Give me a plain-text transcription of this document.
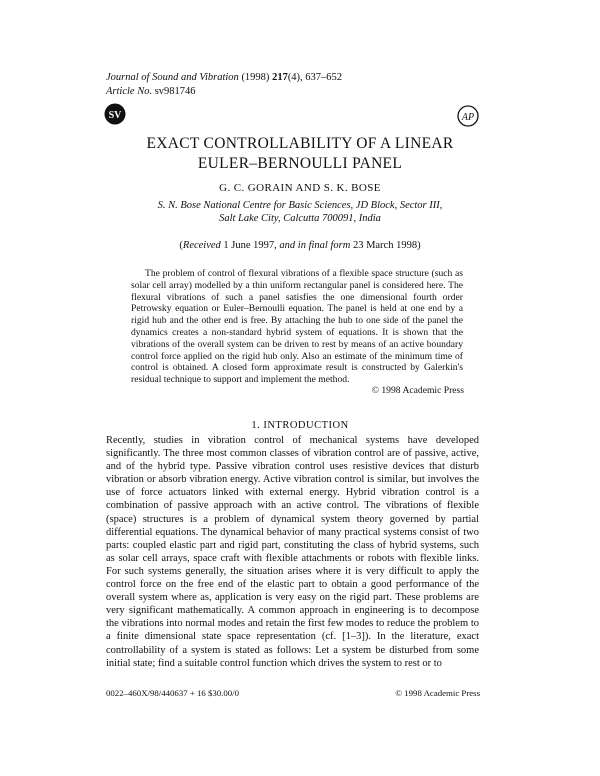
Journal of Sound and Vibration (1998) 217(4), 637–652
Article No. sv981746
SV	AP
EXACT CONTROLLABILITY OF A LINEAR
EULER–BERNOULLI PANEL
G. C. GORAIN AND S. K. BOSE
S. N. Bose National Centre for Basic Sciences, JD Block, Sector III,
Salt Lake City, Calcutta 700091, India
(Received 1 June 1997, and in final form 23 March 1998)
The problem of control of flexural vibrations of a flexible space structure (such as solar cell array) modelled by a thin uniform rectangular panel is considered here. The flexural vibrations of such a panel satisfies the one dimensional fourth order Petrowsky equation or Euler–Bernoulli equation. The panel is held at one end by a rigid hub and the other end is free. By attaching the hub to one side of the panel the dynamics creates a non-standard hybrid system of equations. It is shown that the vibrations of the overall system can be driven to rest by means of an active boundary control force applied on the rigid hub only. Also an estimate of the minimum time of control is obtained. A closed form approximate result is constructed by Galerkin's residual technique to support and implement the method.
© 1998 Academic Press
1. INTRODUCTION
Recently, studies in vibration control of mechanical systems have developed significantly. The three most common classes of vibration control are of passive, active, and of the hybrid type. Passive vibration control uses resistive devices that disturb vibration or absorb vibration energy. Active vibration control is similar, but involves the use of force actuators linked with external energy. Hybrid vibration control is a combination of passive approach with an active control. The vibrations of flexible (space) structures is a problem of dynamical system theory governed by partial differential equations. The dynamical behavior of many practical systems consist of two parts: coupled elastic part and rigid part, constituting the class of hybrid systems, such as solar cell arrays, space craft with flexible attachments or robots with flexible links. For such systems generally, the situation arises where it is very difficult to apply the control force on the free end of the elastic part to obtain a good performance of the overall system where as, application is very easy on the rigid part. These problems are very significant mathematically. A common approach in engineering is to decompose the vibrations into normal modes and retain the first few modes to reduce the problem to a finite dimensional state space representation (cf. [1–3]). In the literature, exact controllability of a system is stated as follows: Let a system be disturbed from some initial state; find a suitable control function which drives the system to rest or to
0022–460X/98/440637 + 16 $30.00/0	© 1998 Academic Press
